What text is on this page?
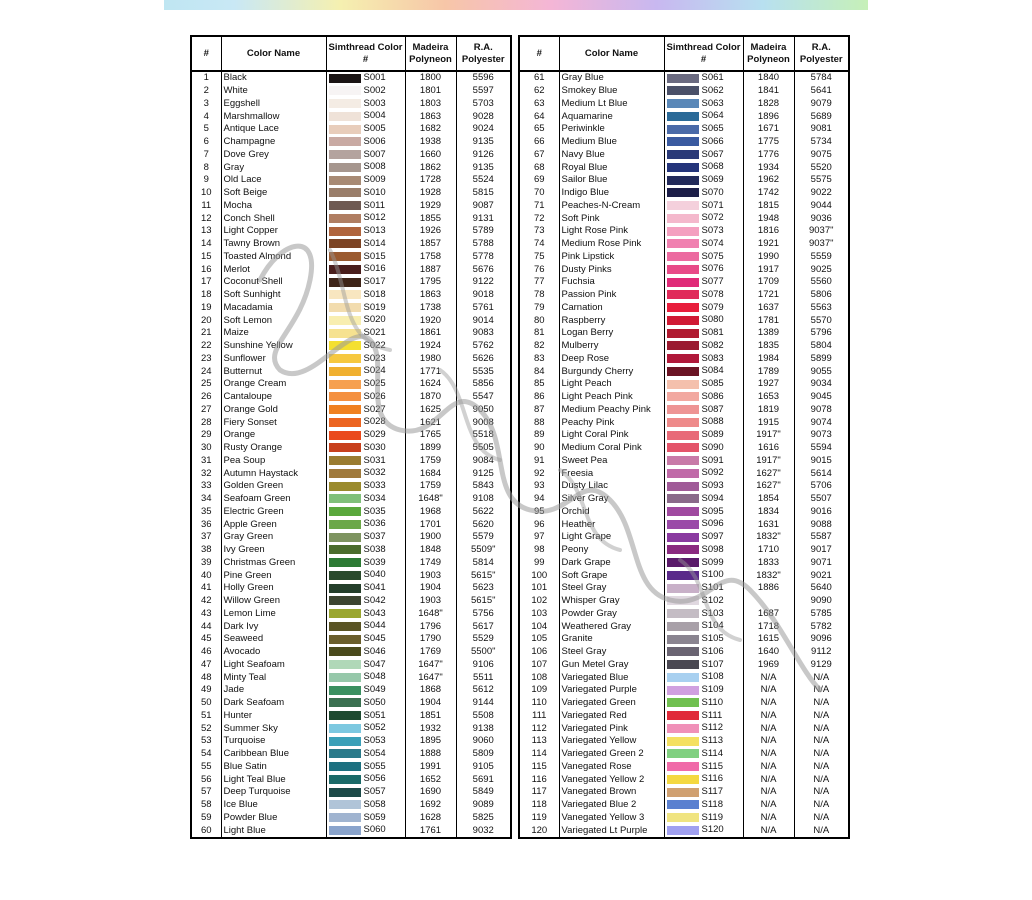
#	Color Name	Simthread Color #	Madeira Polyneon	R.A. Polyester
1	Black	S001	1800	5596
2	White	S002	1801	5597
3	Eggshell	S003	1803	5703
4	Marshmallow	S004	1863	9028
5	Antique Lace	S005	1682	9024
6	Champagne	S006	1938	9135
7	Dove Grey	S007	1660	9126
8	Gray	S008	1862	9135
9	Old Lace	S009	1728	5524
10	Soft Beige	S010	1928	5815
11	Mocha	S011	1929	9087
12	Conch Shell	S012	1855	9131
13	Light Copper	S013	1926	5789
14	Tawny Brown	S014	1857	5788
15	Toasted Almond	S015	1758	5778
16	Merlot	S016	1887	5676
17	Coconut Shell	S017	1795	9122
18	Soft Sunhight	S018	1863	9018
19	Macadamia	S019	1738	5761
20	Soft Lemon	S020	1920	9014
21	Maize	S021	1861	9083
22	Sunshine Yellow	S022	1924	5762
23	Sunflower	S023	1980	5626
24	Butternut	S024	1771	5535
25	Orange Cream	S025	1624	5856
26	Cantaloupe	S026	1870	5547
27	Orange Gold	S027	1625	9050
28	Fiery Sonset	S028	1621	9008
29	Orange	S029	1765	5518
30	Rusty Orange	S030	1899	5505
31	Pea Soup	S031	1759	9084
32	Autumn Haystack	S032	1684	9125
33	Golden Green	S033	1759	5843
34	Seafoam Green	S034	1648"	9108
35	Electric Green	S035	1968	5622
36	Apple Green	S036	1701	5620
37	Gray Green	S037	1900	5579
38	Ivy Green	S038	1848	5509"
39	Christmas Green	S039	1749	5814
40	Pine Green	S040	1903	5615"
41	Holly Green	S041	1904	5623
42	Willow Green	S042	1903	5615"
43	Lemon Lime	S043	1648"	5756
44	Dark Ivy	S044	1796	5617
45	Seaweed	S045	1790	5529
46	Avocado	S046	1769	5500"
47	Light Seafoam	S047	1647"	9106
48	Minty Teal	S048	1647"	5511
49	Jade	S049	1868	5612
50	Dark Seafoam	S050	1904	9144
51	Hunter	S051	1851	5508
52	Summer Sky	S052	1932	9138
53	Turquoise	S053	1895	9060
54	Caribbean Blue	S054	1888	5809
55	Blue Satin	S055	1991	9105
56	Light Teal Blue	S056	1652	5691
57	Deep Turquoise	S057	1690	5849
58	Ice Blue	S058	1692	9089
59	Powder Blue	S059	1628	5825
60	Light Blue	S060	1761	9032
#	Color Name	Simthread Color #	Madeira Polyneon	R.A. Polyester
61	Gray Blue	S061	1840	5784
62	Smokey Blue	S062	1841	5641
63	Medium Lt Blue	S063	1828	9079
64	Aquamarine	S064	1896	5689
65	Periwinkle	S065	1671	9081
66	Medium Blue	S066	1775	5734
67	Navy Blue	S067	1776	9075
68	Royal Blue	S068	1934	5520
69	Sailor Blue	S069	1962	5575
70	Indigo Blue	S070	1742	9022
71	Peaches-N-Cream	S071	1815	9044
72	Soft Pink	S072	1948	9036
73	Light Rose Pink	S073	1816	9037"
74	Medium Rose Pink	S074	1921	9037"
75	Pink Lipstick	S075	1990	5559
76	Dusty Pinks	S076	1917	9025
77	Fuchsia	S077	1709	5560
78	Passion Pink	S078	1721	5806
79	Carnation	S079	1637	5563
80	Raspberry	S080	1781	5570
81	Logan Berry	S081	1389	5796
82	Mulberry	S082	1835	5804
83	Deep Rose	S083	1984	5899
84	Burgundy Cherry	S084	1789	9055
85	Light Peach	S085	1927	9034
86	Light Peach Pink	S086	1653	9045
87	Medium Peachy Pink	S087	1819	9078
88	Peachy Pink	S088	1915	9074
89	Light Coral Pink	S089	1917"	9073
90	Medium Coral Pink	S090	1616	5594
91	Sweet Pea	S091	1917"	9015
92	Freesia	S092	1627"	5614
93	Dusty Lilac	S093	1627"	5706
94	Silver Gray	S094	1854	5507
95	Orchid	S095	1834	9016
96	Heather	S096	1631	9088
97	Light Grape	S097	1832"	5587
98	Peony	S098	1710	9017
99	Dark Grape	S099	1833	9071
100	Soft Grape	S100	1832"	9021
101	Steel Gray	S101	1886	5640
102	Whisper Gray	S102		9090
103	Powder Gray	S103	1687	5785
104	Weathered Gray	S104	1718	5782
105	Granite	S105	1615	9096
106	Steel Gray	S106	1640	9112
107	Gun Metel Gray	S107	1969	9129
108	Variegated Blue	S108	N/A	N/A
109	Variegated Purple	S109	N/A	N/A
110	Variegated Green	S110	N/A	N/A
111	Variegated Red	S111	N/A	N/A
112	Variegated Pink	S112	N/A	N/A
113	Variegated Yellow	S113	N/A	N/A
114	Variegated Green 2	S114	N/A	N/A
115	Vanegated Rose	S115	N/A	N/A
116	Vanegated Yellow 2	S116	N/A	N/A
117	Vanegated Brown	S117	N/A	N/A
118	Variegated Blue 2	S118	N/A	N/A
119	Vanegated Yellow 3	S119	N/A	N/A
120	Variegated Lt Purple	S120	N/A	N/A
